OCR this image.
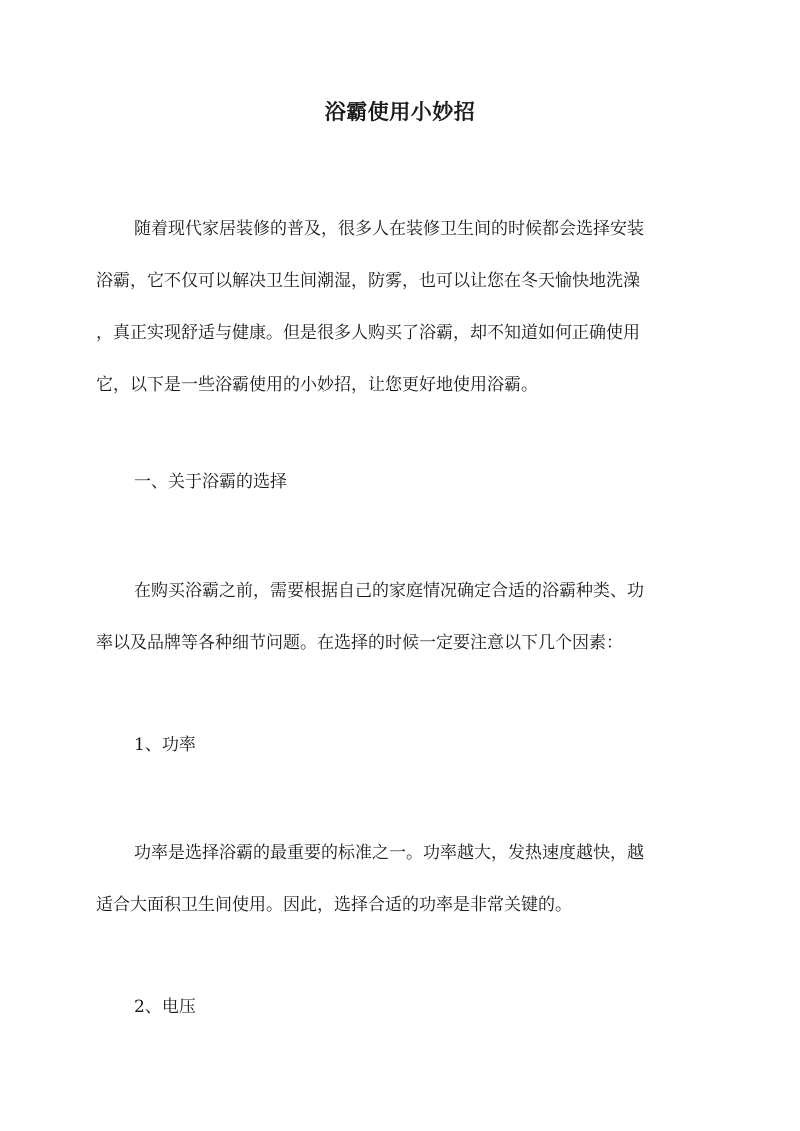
浴霸使用小妙招
随着现代家居装修的普及，很多人在装修卫生间的时候都会选择安装
浴霸，它不仅可以解决卫生间潮湿，防雾，也可以让您在冬天愉快地洗澡
，真正实现舒适与健康。但是很多人购买了浴霸，却不知道如何正确使用
它，以下是一些浴霸使用的小妙招，让您更好地使用浴霸。
一、关于浴霸的选择
在购买浴霸之前，需要根据自己的家庭情况确定合适的浴霸种类、功
率以及品牌等各种细节问题。在选择的时候一定要注意以下几个因素：
1、功率
功率是选择浴霸的最重要的标准之一。功率越大，发热速度越快，越
适合大面积卫生间使用。因此，选择合适的功率是非常关键的。
2、电压
